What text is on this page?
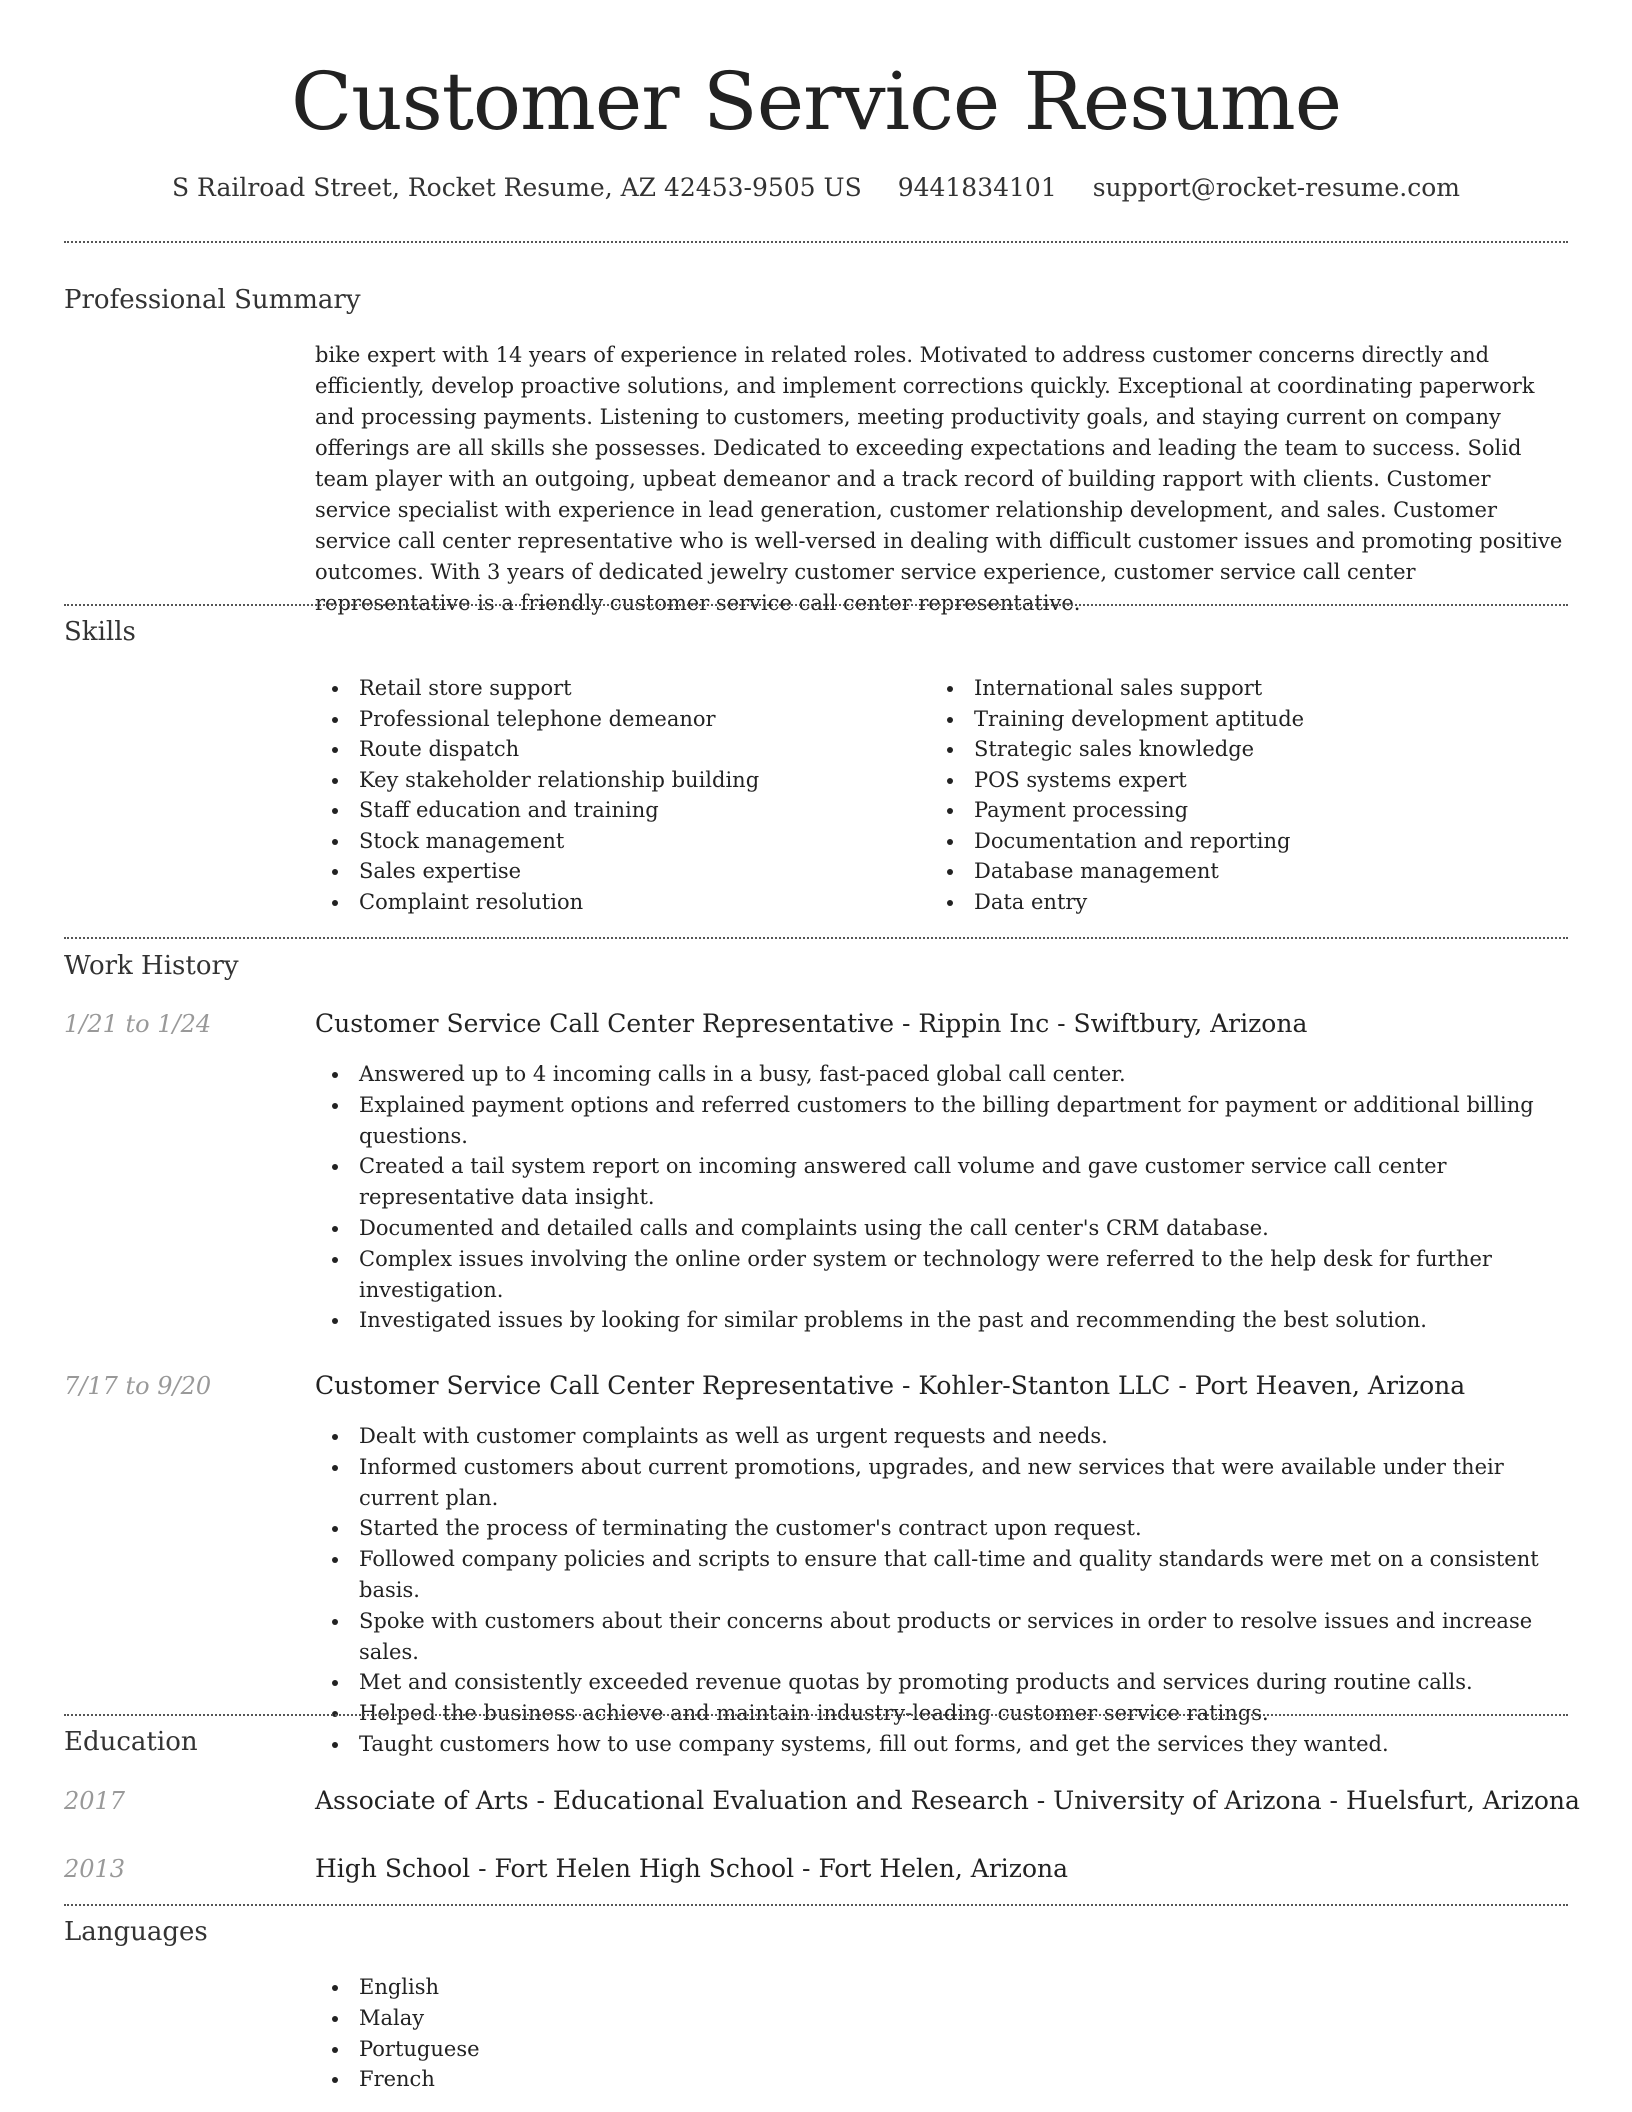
Customer Service Resume
S Railroad Street, Rocket Resume, AZ 42453-9505 US 9441834101 support@rocket-resume.com
Professional Summary

bike expert with 14 years of experience in related roles. Motivated to address customer concerns directly and efficiently, develop proactive solutions, and implement corrections quickly. Exceptional at coordinating paperwork and processing payments. Listening to customers, meeting productivity goals, and staying current on company offerings are all skills she possesses. Dedicated to exceeding expectations and leading the team to success. Solid team player with an outgoing, upbeat demeanor and a track record of building rapport with clients. Customer service specialist with experience in lead generation, customer relationship development, and sales. Customer service call center representative who is well-versed in dealing with difficult customer issues and promoting positive outcomes. With 3 years of dedicated jewelry customer service experience, customer service call center representative is a friendly customer service call center representative.

Skills
Retail store support
Professional telephone demeanor
Route dispatch
Key stakeholder relationship building
Staff education and training
Stock management
Sales expertise
Complaint resolution
International sales support
Training development aptitude
Strategic sales knowledge
POS systems expert
Payment processing
Documentation and reporting
Database management
Data entry
Work History
1/21 to 1/24	Customer Service Call Center Representative - Rippin Inc - Swiftbury, Arizona
Answered up to 4 incoming calls in a busy, fast-paced global call center.
Explained payment options and referred customers to the billing department for payment or additional billing questions.
Created a tail system report on incoming answered call volume and gave customer service call center representative data insight.
Documented and detailed calls and complaints using the call center's CRM database.
Complex issues involving the online order system or technology were referred to the help desk for further investigation.
Investigated issues by looking for similar problems in the past and recommending the best solution.
7/17 to 9/20	Customer Service Call Center Representative - Kohler-Stanton LLC - Port Heaven, Arizona
Dealt with customer complaints as well as urgent requests and needs.
Informed customers about current promotions, upgrades, and new services that were available under their current plan.
Started the process of terminating the customer's contract upon request.
Followed company policies and scripts to ensure that call-time and quality standards were met on a consistent basis.
Spoke with customers about their concerns about products or services in order to resolve issues and increase sales.
Met and consistently exceeded revenue quotas by promoting products and services during routine calls.
Helped the business achieve and maintain industry-leading customer service ratings.
Taught customers how to use company systems, fill out forms, and get the services they wanted.
Education
2017	Associate of Arts - Educational Evaluation and Research - University of Arizona - Huelsfurt, Arizona
2013	High School - Fort Helen High School - Fort Helen, Arizona
Languages
English
Malay
Portuguese
French
